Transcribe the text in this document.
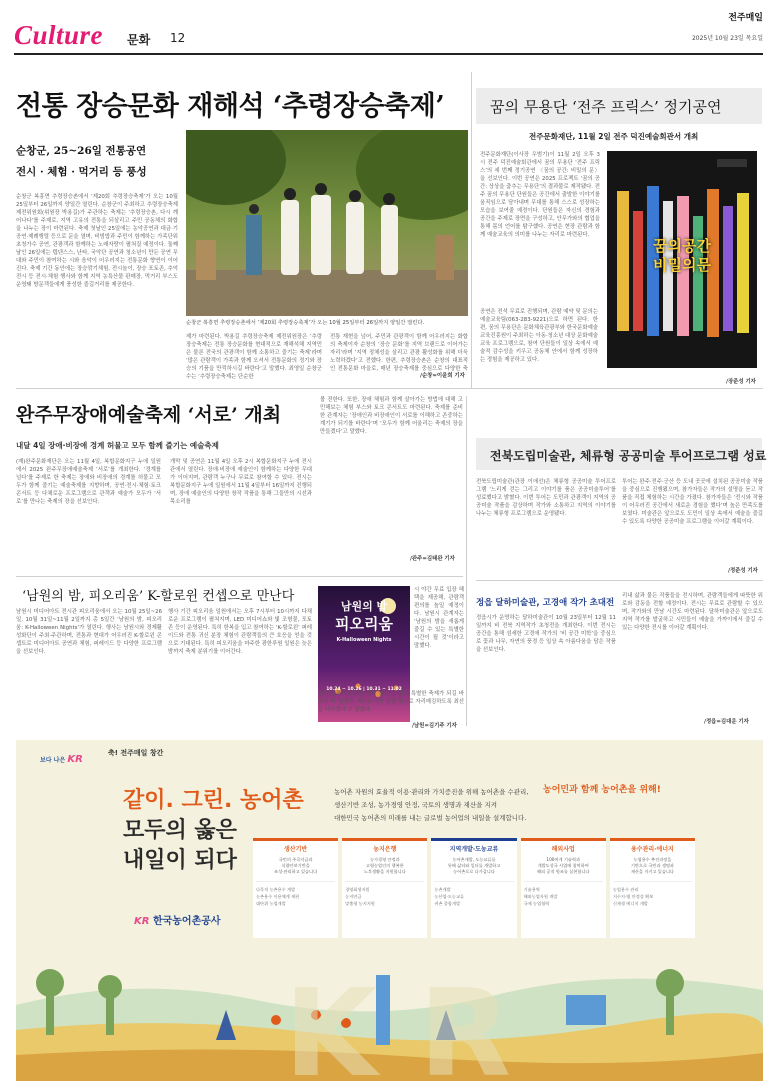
Culture 문화 12
전주매일
2025년 10월 23일 목요일
전통 장승문화 재해석 ‘추령장승축제’
순창군, 25~26일 전통공연
전시 · 체험 · 먹거리 등 풍성
순창군 복흥면 추령장승촌에서 ‘제20회 추령장승축제’가 오는 10월 25일부터 26일까지 양일간 열린다. 순창군이 주최하고 추령장승축제 제전위원회(위원장 박용길)가 주관하는 축제는 ‘추령장승촌, 다시 깨어나다’를 주제로, 지역 고유의 전통을 되살리고 주민 공동체의 화합을 나누는 장이 마련된다. 축제 첫날인 25일에는 농악공연과 대금·기공연·제례행렬 등으로 문을 열며, 비빔밥과 주민이 함께하는 가족단위 초청가수 공연, 관광객과 함께하는 노래자랑이 펼쳐질 예정이다. 둘째 날인 26일에는 탭댄스스, 난타, 국악단 공연과 청소년이 만든 공연 무대와 주민이 참여하는 시와 음악이 어우러지는 전통문화 향연이 이어진다. 축제 기간 동안에는 장승깎기체험, 전시놀이, 장승 포토존, 추억전시 등 전시·체험 행사와 함께 지역 농특산물 판매장, 먹거리 부스도 운영돼 방문객들에게 풍성한 즐길거리를 제공한다.
순창군 복흥면 추령장승촌에서 ‘제20회 추령장승축제’가 오는 10월 25일부터 26일까지 양일간 열린다.
제가 마련된다. 박용길 추령장승축제 제전위원장은 ‘추령장승축제는 전통 장승문화를 현대적으로 재해석해 지역민은 물론 전국의 관광객이 함께 소통하고 즐기는 축제’라며 ‘많은 관람객이 가족과 함께 오셔서 전통문화의 정기와 장승의 기품을 만끽하시길 바란다’고 말했다. 최영일 순창군수는 ‘추령장승축제는 단순한
전통 재현을 넘어, 주민과 관광객이 함께 어우러지는 화합의 축제이자 순창의 ‘장승 문화’를 지역 브랜드로 이어가는 자리’라며 ‘지역 정체성을 살리고 관광 활성화를 위해 더욱 노력하겠다’고 전했다. 한편, 추령장승촌은 순창의 대표적인 전통문화 마을로, 매년 장승축제를 중심으로 다양한 축
/순창=이윤희 기자
꿈의 무용단 ‘전주 프릭스’ 정기공연
전주문화재단, 11월 2일 전주 덕진예술회관서 개최
전주문화재단(이사장 우범기)이 11월 2일 오후 3시 전주 덕진예술회관에서 꿈의 무용단 ‘전주 프릭스’의 세 번째 정기공연 〈꿈의 공간: 비밀의 문〉을 선보인다. 이번 공연은 2025 프로젝트 ‘꿈의 공간: 상상을 춤추는 무용단’의 결과물로 제작됐다. 전주 꿈의 무용단 단원들은 공간에서 출발한 이야기를 움직임으로 담아내며 무대를 통해 스스로 성장하는 모습을 보여줄 예정이다. 단원들은 자신의 경험과 공간을 주제로 장면을 구성하고, 안무가와의 협업을 통해 몸의 언어를 탐구했다. 공연은 현장 관람과 함께 예술교육의 의미를 나누는 자리로 마련된다.
꿈의공간
비밀의문
공연은 전석 무료로 진행되며, 관람 예약 및 문의는 예술교육팀(063-283-9221)으로 하면 된다. 한편, 꿈의 무용단은 문화체육관광부와 한국문화예술교육진흥원이 주최하는 아동·청소년 대상 문화예술교육 프로그램으로, 참여 단원들이 일상 속에서 예술적 감수성을 키우고 공동체 안에서 함께 성장하는 경험을 제공하고 있다.
/장준성 기자
완주무장애예술축제 ‘서로’ 개최
내달 4일 장애·비장애 경계 허물고 모두 함께 즐기는 예술축제
(재)완주문화재단은 오는 11월 4일, 복합문화지구 누에 일원에서 2025 완주무장애예술축제 ‘서로’를 개최한다. ‘경계를 넘다’를 주제로 한 축제는 장애와 비장애의 경계를 허물고 모두가 함께 즐기는 예술축제를 지향하며, 공연·전시·체험·토크콘서트 등 다채로운 프로그램으로 관객과 예술가 모두가 ‘서로’를 만나는 축제의 장을 선보인다.
개막 및 공연은 11월 4일 오후 2시 복합문화지구 누에 전시관에서 열린다. 장애·비장애 예술인이 함께하는 다양한 무대가 이어지며, 관람객 누구나 무료로 참여할 수 있다. 전시는 복합문화지구 누에 일원에서 11월 4일부터 16일까지 진행되며, 장애 예술인의 다양한 창작 작품을 통해 그들만의 시선과 목소리를
볼 전한다. 또한, 장애 체험과 함께 살아가는 방법에 대해 고민해보는 체험 부스와 토크 콘서트도 마련된다. 축제를 준비한 관계자는 ‘장애인과 비장애인이 서로를 이해하고 존중하는 계기가 되기를 바란다’며 ‘모두가 함께 어울리는 축제의 장을 만들겠다’고 말했다.
/완주=김태완 기자
전북도립미술관, 체류형 공공미술 투어프로그램 성료
전북도립미술관(관장 이애선)은 체류형 공공미술 투어프로그램 ‘느리게 걷는 그리고 이야기를 품은 공공미술투어’를 성료했다고 밝혔다. 이번 투어는 도민과 관광객이 지역의 공공미술 작품을 감상하며 작가와 소통하고 지역의 이야기를 나누는 체류형 프로그램으로 운영됐다.
투어는 완주·전주·군산 등 도내 곳곳에 설치된 공공미술 작품을 중심으로 진행됐으며, 참가자들은 작가의 설명을 듣고 작품을 직접 체험하는 시간을 가졌다. 참가자들은 ‘전시와 작품이 어우러진 공간에서 새로운 경험을 했다’며 높은 만족도를 보였다. 미술관은 앞으로도 도민이 일상 속에서 예술을 즐길 수 있도록 다양한 공공미술 프로그램을 이어갈 계획이다.
/정준성 기자
‘남원의 밤, 피오리움’ K-할로윈 컨셉으로 만난다
남원시 미디어아트 전시관 피오리움에서 오는 10월 25일~26일, 10월 31일~11월 2일까지 총 5일간 ‘남원의 밤, 피오리움: K-Halloween Nights’가 열린다. 행사는 남원시와 경제활성화단이 주최·주관하며, 전통과 현대가 어우러진 K-할로윈 콘셉트로 미디어아트 공연과 체험, 퍼레이드 등 다양한 프로그램을 선보인다.
행사 기간 피오리움 일원에서는 오후 7시부터 10시까지 다채로운 프로그램이 펼쳐지며, LED 미디어쇼와 빛 조형물, 포토존 등이 운영된다. 특히 한복을 입고 참여하는 ‘K-할로윈’ 퍼레이드와 전통 귀신 분장 체험이 관람객들의 큰 호응을 얻을 것으로 기대된다. 특히 피오리움을 마주한 광한루원 일원은 늦은 밤까지 축제 분위기를 이어간다.
남원의 밤
피오리움
K-Halloween Nights
10.24 ~ 10.26 | 10.31 ~ 11.02
시 야간 무료 입장 혜택을 제공해, 관람객 편의를 높일 예정이다. 남원시 관계자는 ‘남원의 밤을 새롭게 즐길 수 있는 특별한 시간이 될 것’이라고 말했다.
인과 관광객 모두가 함께 즐길 수 있는 특별한 축제가 되길 바란다’며 ‘남원의 새로운 야간 관광 명소로 자리매김하도록 최선을 다하겠다’고 말했다.
/남원=김기주 기자
정읍 달하미술관, 고경애 작가 초대전
정읍시가 운영하는 달하미술관이 10월 23일부터 12월 11일까지 비 전북 지역작가 초청전을 개최한다. 이번 전시는 공간을 통해 섬세한 고경애 작가의 ‘비 공간 미학’을 중심으로 꽃과 나무, 자연의 풍경 등 일상 속 아름다움을 담은 작품을 선보인다.
리내 삶과 물든 작품들을 전시하며, 관람객들에게 따뜻한 위로와 감동을 전할 예정이다. 전시는 무료로 관람할 수 있으며, 작가와의 만남 시간도 마련된다. 달하미술관은 앞으로도 지역 작가를 발굴하고 시민들이 예술을 가까이에서 즐길 수 있는 다양한 전시를 이어갈 계획이다.
/정읍=김대운 기자
보다 나은 KR
축! 전주매일 창간
농어민과 함께 농어촌을 위해!
같이. 그린. 농어촌
모두의 옳은
내일이 되다
농어촌 자원의 효율적 이용·관리와 가치증진을 위해 농어촌을 수관리,
생산기반 조성, 농가경영 안정, 국토의 생명과 재산을 지켜
대한민국 농어촌의 미래를 내는 글로벌 농어업의 내일을 설계합니다.
KR 한국농어촌공사
생산기반
국민의 주곡자급과
식량안보기반을
조성·관리하고 있습니다
다목적 농촌용수 개발
농촌용수 이용체계 재편
대단위 농업개발
농지은행
농가경영 안정과
고령농업인의 행복한
노후생활을 지원합니다
경영회생지원
농지연금
맞춤형 농지지원
지역개발·도농교류
농어촌개발, 도농교류를
통해 삶터와 일터를 개발하고
농어촌으로 다가갑니다
농촌개발
농산업·도농교류
귀촌 종합개발
해외사업
100여개 기술력과
개발도상국 사업에 참여하여
해외 공적 원조를 실현합니다
기술용역
해외농업자원 개발
국제 농업협력
용수관리·에너지
농업용수 추진과정을
기반으로 국민과 생명과
재산을 지키고 있습니다
농업용수 관리
저수지·댐 안정성 확보
신재생 에너지 개발
K R
